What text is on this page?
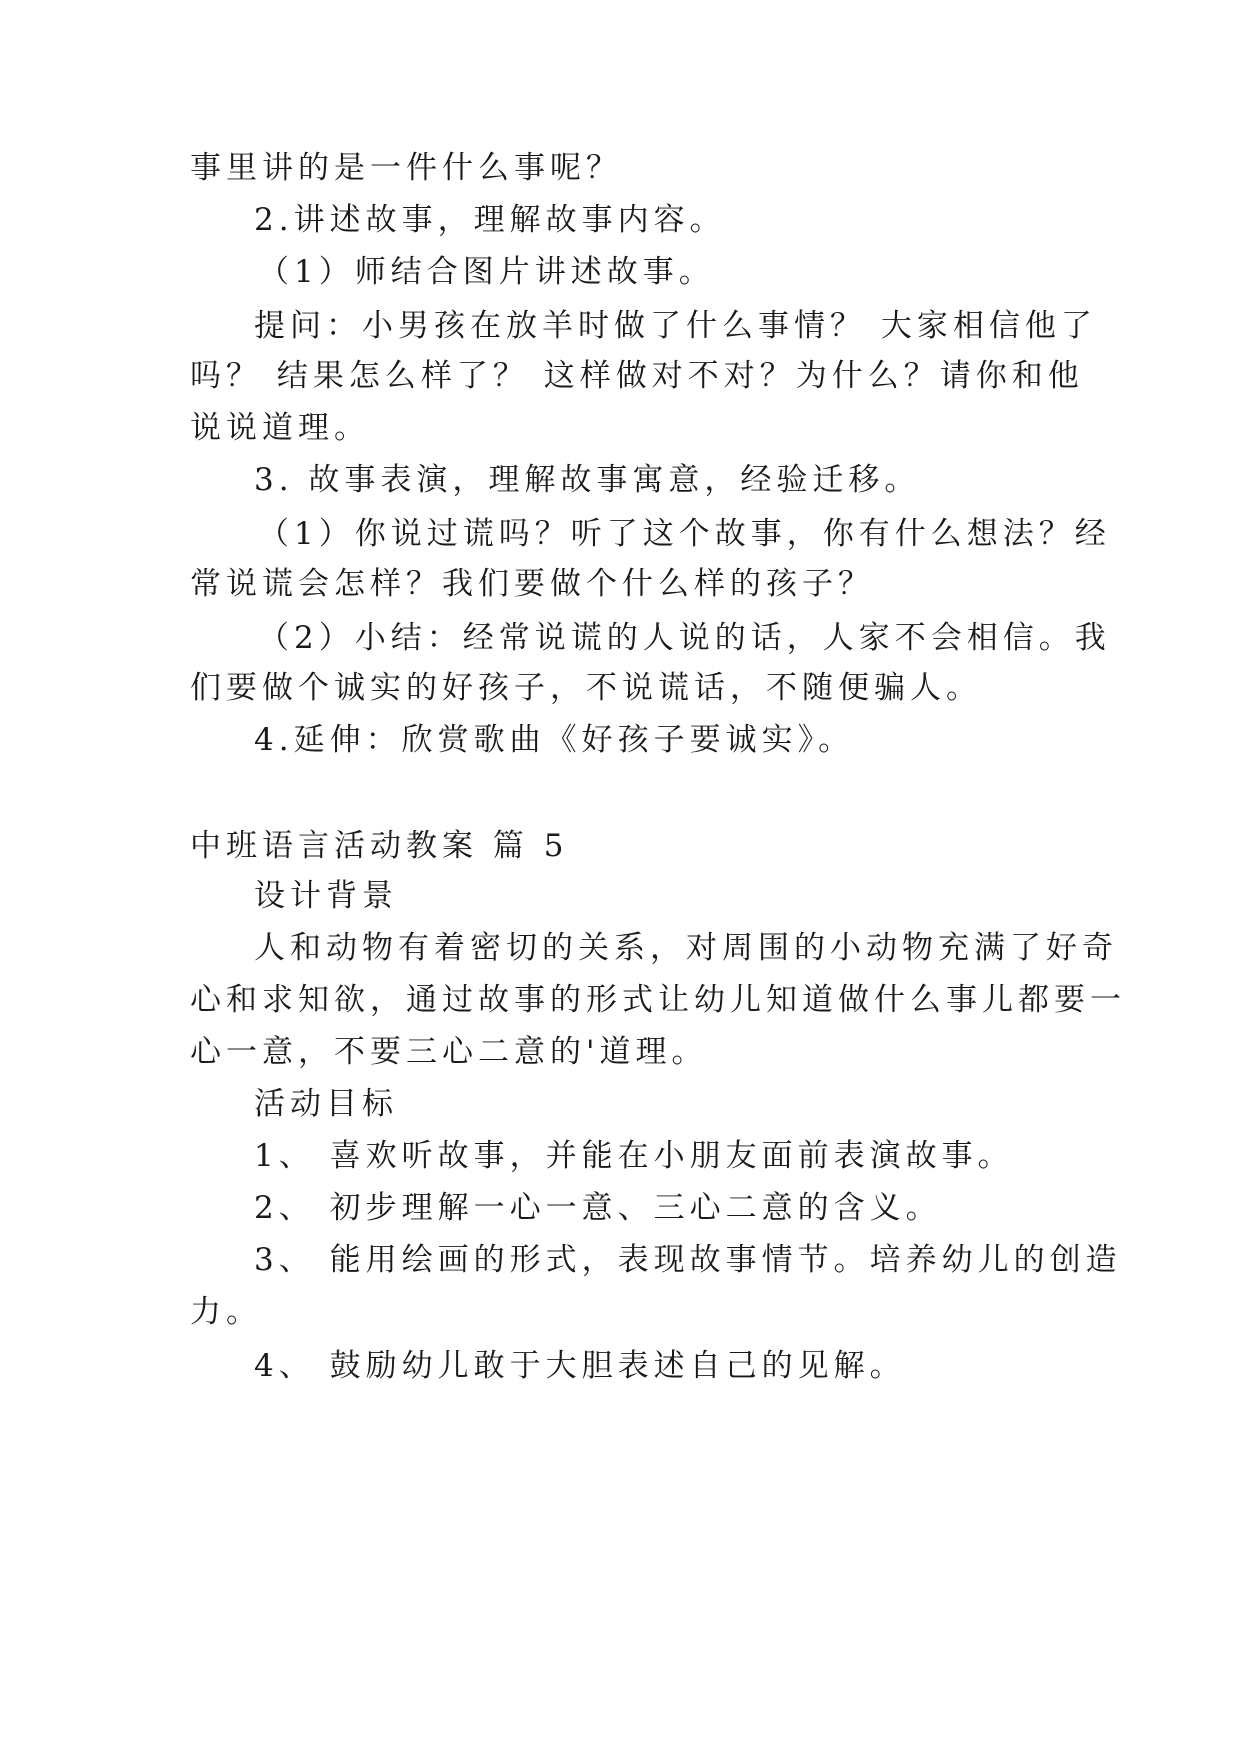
事里讲的是一件什么事呢？
2.讲述故事，理解故事内容。
（1）师结合图片讲述故事。
提问：小男孩在放羊时做了什么事情？ 大家相信他了
吗？ 结果怎么样了？ 这样做对不对？为什么？请你和他
说说道理。
3. 故事表演，理解故事寓意，经验迁移。
（1）你说过谎吗？听了这个故事，你有什么想法？经
常说谎会怎样？我们要做个什么样的孩子？
（2）小结：经常说谎的人说的话，人家不会相信。我
们要做个诚实的好孩子，不说谎话，不随便骗人。
4.延伸：欣赏歌曲《好孩子要诚实》。
中班语言活动教案 篇 5
设计背景
人和动物有着密切的关系，对周围的小动物充满了好奇
心和求知欲，通过故事的形式让幼儿知道做什么事儿都要一
心一意，不要三心二意的'道理。
活动目标
1、 喜欢听故事，并能在小朋友面前表演故事。
2、 初步理解一心一意、三心二意的含义。
3、 能用绘画的形式，表现故事情节。培养幼儿的创造
力。
4、 鼓励幼儿敢于大胆表述自己的见解。
